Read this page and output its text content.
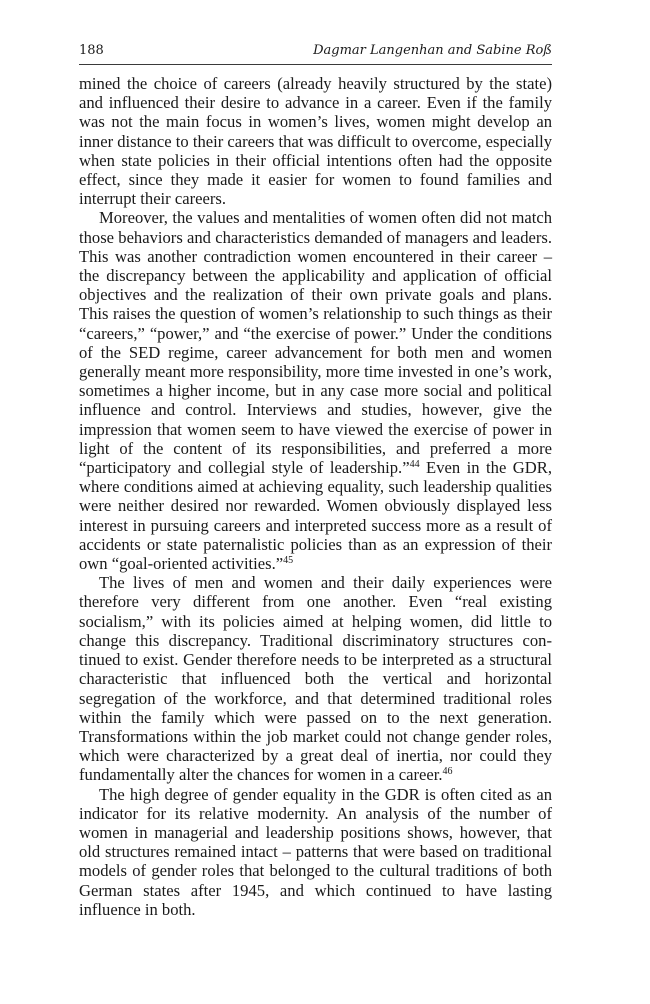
188	Dagmar Langenhan and Sabine Roß

mined the choice of careers (already heavily structured by the state) and influenced their desire to advance in a career. Even if the family was not the main focus in women’s lives, women might develop an inner distance to their careers that was difficult to overcome, especially when state policies in their official intentions often had the opposite effect, since they made it easier for women to found families and interrupt their careers.

Moreover, the values and mentalities of women often did not match those behaviors and characteristics demanded of managers and leaders. This was another contradiction women encountered in their career – the discrepancy between the applicability and application of official objectives and the realization of their own private goals and plans. This raises the question of women’s relationship to such things as their “careers,” “power,” and “the exercise of power.” Under the conditions of the SED regime, career advancement for both men and women generally meant more responsibility, more time invested in one’s work, sometimes a higher income, but in any case more social and political influence and control. Interviews and studies, however, give the impression that women seem to have viewed the exercise of power in light of the content of its responsibilities, and preferred a more “participatory and collegial style of leadership.”$^{44}$ Even in the GDR, where conditions aimed at achieving equality, such leadership qualities were neither desired nor rewarded. Women obviously displayed less interest in pursuing careers and interpreted success more as a result of accidents or state paternalistic policies than as an expression of their own “goal-oriented activities.”$^{45}$

The lives of men and women and their daily experiences were therefore very different from one another. Even “real existing socialism,” with its policies aimed at helping women, did little to change this discrepancy. Traditional discriminatory structures continued to exist. Gender therefore needs to be interpreted as a structural characteristic that influenced both the vertical and horizontal segregation of the workforce, and that determined traditional roles within the family which were passed on to the next generation. Transformations within the job market could not change gender roles, which were characterized by a great deal of inertia, nor could they fundamentally alter the chances for women in a career.$^{46}$

The high degree of gender equality in the GDR is often cited as an indicator for its relative modernity. An analysis of the number of women in managerial and leadership positions shows, however, that old structures remained intact – patterns that were based on traditional models of gender roles that belonged to the cultural traditions of both German states after 1945, and which continued to have lasting influence in both.
